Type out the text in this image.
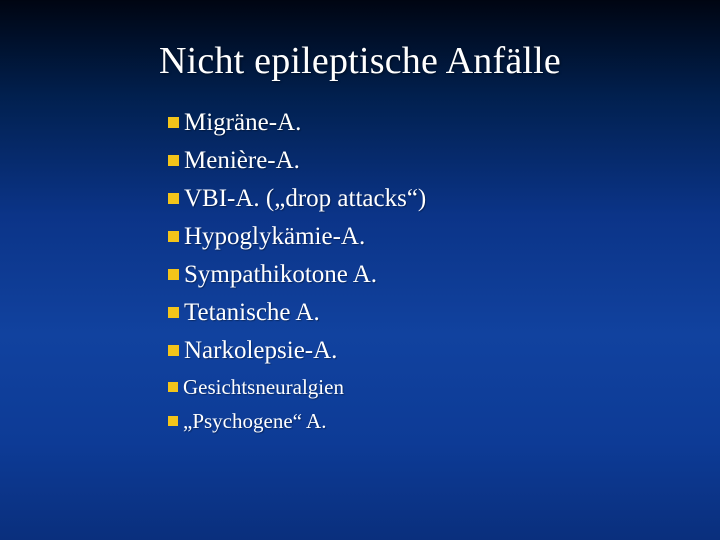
Nicht epileptische Anfälle
Migräne-A.
Menière-A.
VBI-A. („drop attacks“)
Hypoglykämie-A.
Sympathikotone A.
Tetanische A.
Narkolepsie-A.
Gesichtsneuralgien
„Psychogene“ A.
